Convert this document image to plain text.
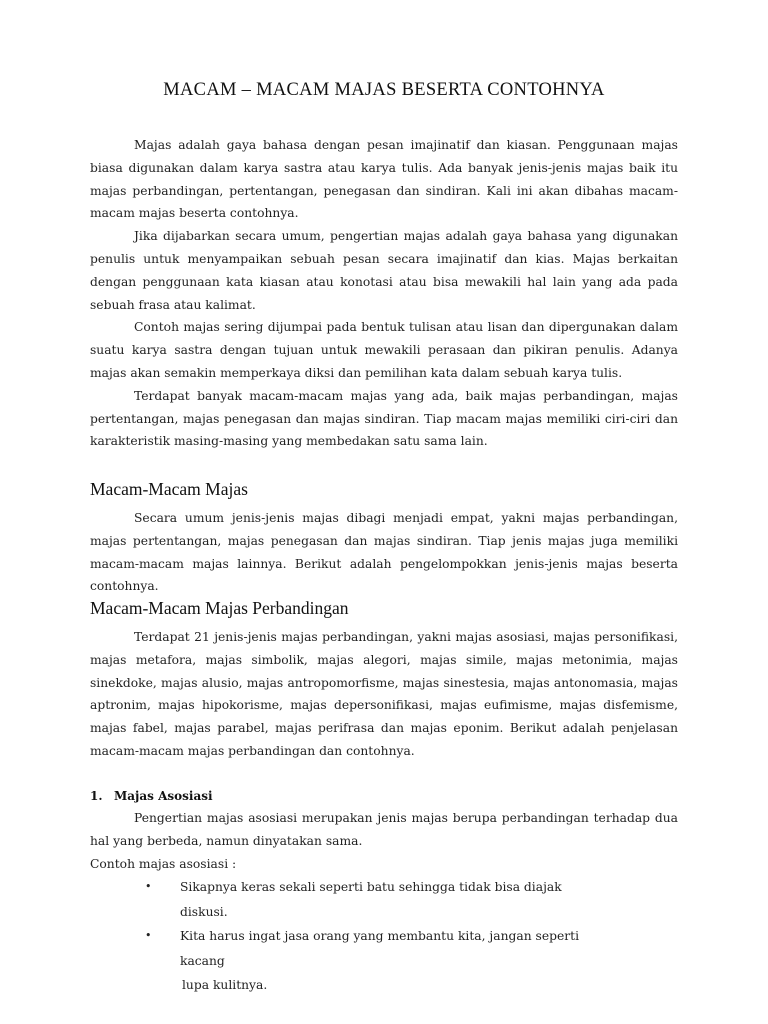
MACAM – MACAM MAJAS BESERTA CONTOHNYA

Majas adalah gaya bahasa dengan pesan imajinatif dan kiasan. Penggunaan majas biasa digunakan dalam karya sastra atau karya tulis. Ada banyak jenis-jenis majas baik itu majas perbandingan, pertentangan, penegasan dan sindiran. Kali ini akan dibahas macam-macam majas beserta contohnya.

Jika dijabarkan secara umum, pengertian majas adalah gaya bahasa yang digunakan penulis untuk menyampaikan sebuah pesan secara imajinatif dan kias. Majas berkaitan dengan penggunaan kata kiasan atau konotasi atau bisa mewakili hal lain yang ada pada sebuah frasa atau kalimat.

Contoh majas sering dijumpai pada bentuk tulisan atau lisan dan dipergunakan dalam suatu karya sastra dengan tujuan untuk mewakili perasaan dan pikiran penulis. Adanya majas akan semakin memperkaya diksi dan pemilihan kata dalam sebuah karya tulis.

Terdapat banyak macam-macam majas yang ada, baik majas perbandingan, majas pertentangan, majas penegasan dan majas sindiran. Tiap macam majas memiliki ciri-ciri dan karakteristik masing-masing yang membedakan satu sama lain.

Macam-Macam Majas

Secara umum jenis-jenis majas dibagi menjadi empat, yakni majas perbandingan, majas pertentangan, majas penegasan dan majas sindiran. Tiap jenis majas juga memiliki macam-macam majas lainnya. Berikut adalah pengelompokkan jenis-jenis majas beserta contohnya.

Macam-Macam Majas Perbandingan

Terdapat 21 jenis-jenis majas perbandingan, yakni majas asosiasi, majas personifikasi, majas metafora, majas simbolik, majas alegori, majas simile, majas metonimia, majas sinekdoke, majas alusio, majas antropomorfisme, majas sinestesia, majas antonomasia, majas aptronim, majas hipokorisme, majas depersonifikasi, majas eufimisme, majas disfemisme, majas fabel, majas parabel, majas perifrasa dan majas eponim. Berikut adalah penjelasan macam-macam majas perbandingan dan contohnya.

1. Majas Asosiasi

Pengertian majas asosiasi merupakan jenis majas berupa perbandingan terhadap dua hal yang berbeda, namun dinyatakan sama.

Contoh majas asosiasi :

• Sikapnya keras sekali seperti batu sehingga tidak bisa diajak diskusi.
• Kita harus ingat jasa orang yang membantu kita, jangan seperti kacang
lupa kulitnya.
